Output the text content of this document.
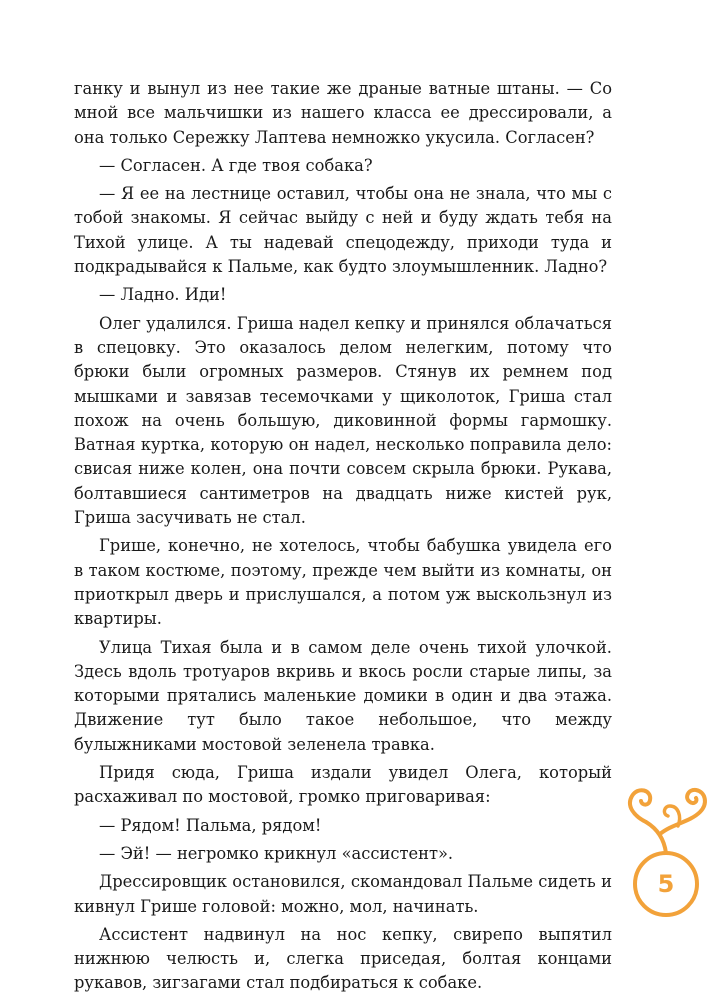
ганку и вынул из нее такие же драные ватные штаны. — Со мной все мальчишки из нашего класса ее дрессировали, а она только Сережку Лаптева немножко укусила. Согласен?

— Согласен. А где твоя собака?

— Я ее на лестнице оставил, чтобы она не знала, что мы с тобой знакомы. Я сейчас выйду с ней и буду ждать тебя на Тихой улице. А ты надевай спецодежду, приходи туда и подкрадывайся к Пальме, как будто злоумышленник. Ладно?

— Ладно. Иди!

Олег удалился. Гриша надел кепку и принялся облачаться в спецовку. Это оказалось делом нелегким, потому что брюки были огромных размеров. Стянув их ремнем под мышками и завязав тесемочками у щиколоток, Гриша стал похож на очень большую, диковинной формы гармошку. Ватная куртка, которую он надел, несколько поправила дело: свисая ниже колен, она почти совсем скрыла брюки. Рукава, болтавшиеся сантиметров на двадцать ниже кистей рук, Гриша засучивать не стал.

Грише, конечно, не хотелось, чтобы бабушка увидела его в таком костюме, поэтому, прежде чем выйти из комнаты, он приоткрыл дверь и прислушался, а потом уж выскользнул из квартиры.

Улица Тихая была и в самом деле очень тихой улочкой. Здесь вдоль тротуаров вкривь и вкось росли старые липы, за которыми прятались маленькие домики в один и два этажа. Движение тут было такое небольшое, что между булыжниками мостовой зеленела травка.

Придя сюда, Гриша издали увидел Олега, который расхаживал по мостовой, громко приговаривая:

— Рядом! Пальма, рядом!

— Эй! — негромко крикнул «ассистент».

Дрессировщик остановился, скомандовал Пальме сидеть и кивнул Грише головой: можно, мол, начинать.

Ассистент надвинул на нос кепку, свирепо выпятил нижнюю челюсть и, слегка приседая, болтая концами рукавов, зигзагами стал подбираться к собаке.

5
